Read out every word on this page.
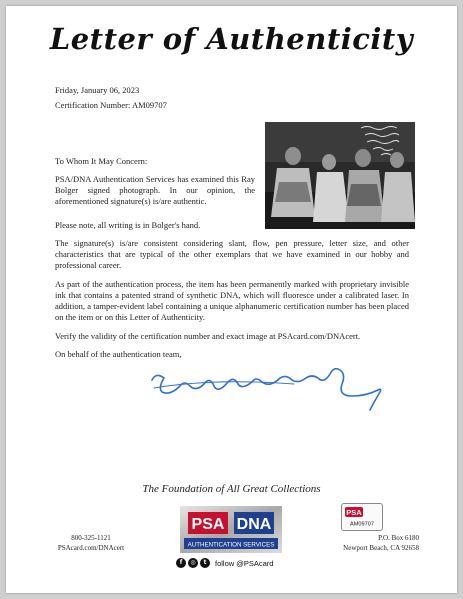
Letter of Authenticity
Friday, January 06, 2023
Certification Number: AM09707
To Whom It May Concern:
PSA/DNA Authentication Services has examined this Ray Bolger signed photograph. In our opinion, the aforementioned signature(s) is/are authentic.
Please note, all writing is in Bolger's hand.
The signature(s) is/are consistent considering slant, flow, pen pressure, letter size, and other characteristics that are typical of the other exemplars that we have examined in our hobby and professional career.
As part of the authentication process, the item has been permanently marked with proprietary invisible ink that contains a patented strand of synthetic DNA, which will fluoresce under a calibrated laser. In addition, a tamper-evident label containing a unique alphanumeric certification number has been placed on the item or on this Letter of Authenticity.
Verify the validity of the certification number and exact image at PSAcard.com/DNAcert.
On behalf of the authentication team,
The Foundation of All Great Collections
800-325-1121
PSAcard.com/DNAcert
PSA DNA
AUTHENTICATION SERVICES
f	◎	t	follow @PSAcard
PSA
AM09707
P.O. Box 6180
Newport Beach, CA 92658
